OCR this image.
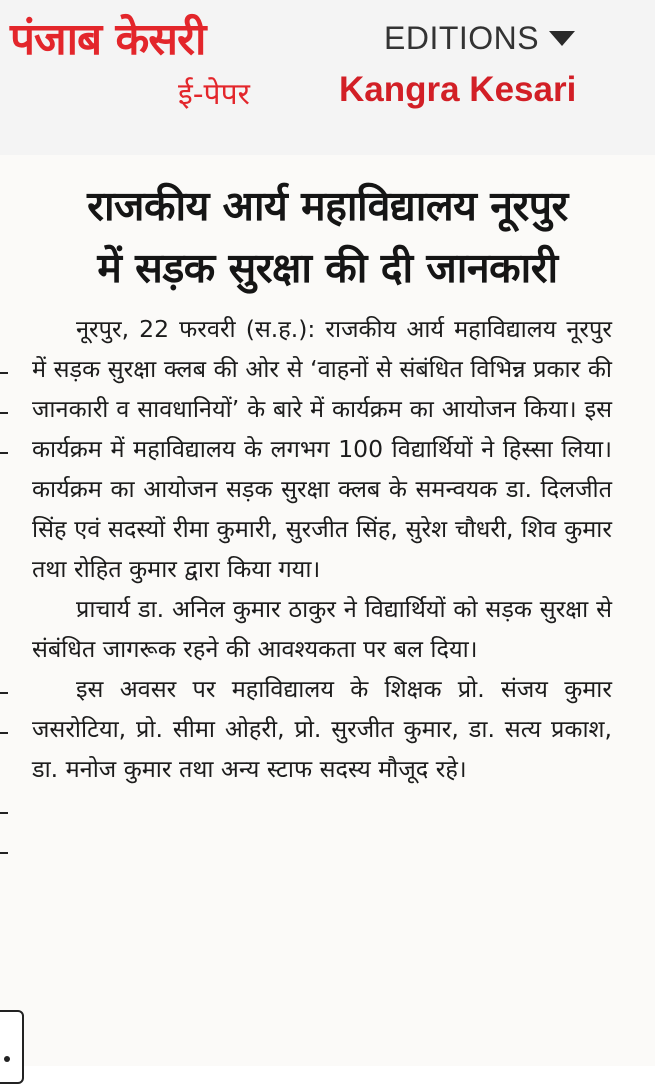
पंजाब केसरी
ई-पेपर
EDITIONS
Kangra Kesari
राजकीय आर्य महाविद्यालय नूरपुर
में सड़क सुरक्षा की दी जानकारी

नूरपुर, 22 फरवरी (स.ह.): राजकीय आर्य महाविद्यालय नूरपुर में सड़क सुरक्षा क्लब की ओर से ‘वाहनों से संबंधित विभिन्न प्रकार की जानकारी व सावधानियों’ के बारे में कार्यक्रम का आयोजन किया। इस कार्यक्रम में महाविद्यालय के लगभग 100 विद्यार्थियों ने हिस्सा लिया। कार्यक्रम का आयोजन सड़क सुरक्षा क्लब के समन्वयक डा. दिलजीत सिंह एवं सदस्यों रीमा कुमारी, सुरजीत सिंह, सुरेश चौधरी, शिव कुमार तथा रोहित कुमार द्वारा किया गया।

प्राचार्य डा. अनिल कुमार ठाकुर ने विद्यार्थियों को सड़क सुरक्षा से संबंधित जागरूक रहने की आवश्यकता पर बल दिया।

इस अवसर पर महाविद्यालय के शिक्षक प्रो. संजय कुमार जसरोटिया, प्रो. सीमा ओहरी, प्रो. सुरजीत कुमार, डा. सत्य प्रकाश, डा. मनोज कुमार तथा अन्य स्टाफ सदस्य मौजूद रहे।
